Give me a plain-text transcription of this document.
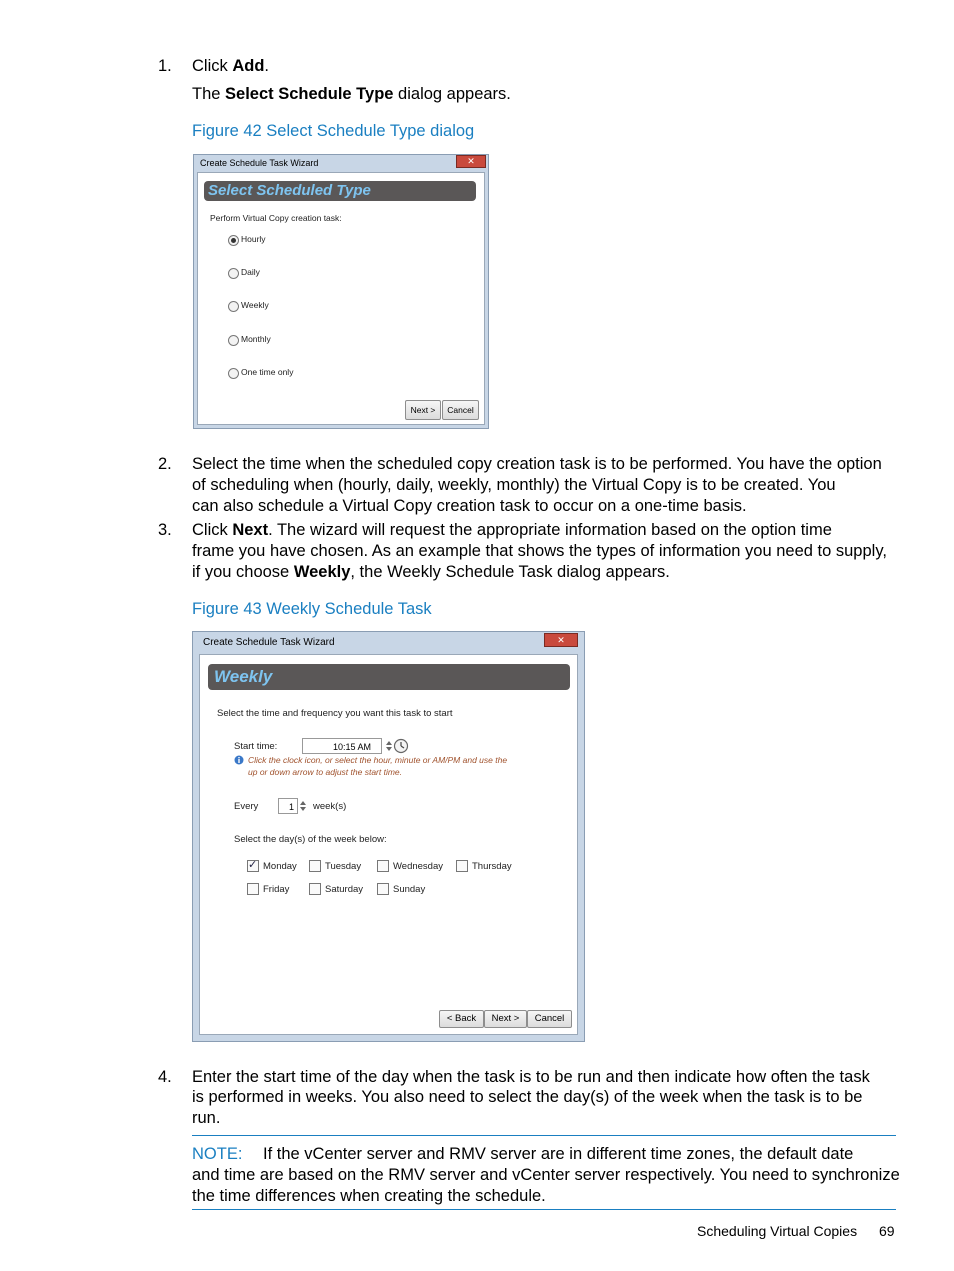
1. Click Add.
The Select Schedule Type dialog appears.
Figure 42 Select Schedule Type dialog
Create Schedule Task Wizard	✕
Select Scheduled Type
Perform Virtual Copy creation task:
Hourly
Daily
Weekly
Monthly
One time only
Next >	Cancel
2. Select the time when the scheduled copy creation task is to be performed. You have the option
of scheduling when (hourly, daily, weekly, monthly) the Virtual Copy is to be created. You
can also schedule a Virtual Copy creation task to occur on a one-time basis.
3. Click Next. The wizard will request the appropriate information based on the option time
frame you have chosen. As an example that shows the types of information you need to supply,
if you choose Weekly, the Weekly Schedule Task dialog appears.
Figure 43 Weekly Schedule Task
Create Schedule Task Wizard	✕
Weekly
Select the time and frequency you want this task to start
Start time:	10:15 AM
Click the clock icon, or select the hour, minute or AM/PM and use the
up or down arrow to adjust the start time.
Every	1	week(s)
Select the day(s) of the week below:
✓
Monday	Tuesday	Wednesday	Thursday
Friday	Saturday	Sunday
< Back	Next >	Cancel
4. Enter the start time of the day when the task is to be run and then indicate how often the task
is performed in weeks. You also need to select the day(s) of the week when the task is to be
run.
NOTE: If the vCenter server and RMV server are in different time zones, the default date
and time are based on the RMV server and vCenter server respectively. You need to synchronize
the time differences when creating the schedule.
Scheduling Virtual Copies 69
